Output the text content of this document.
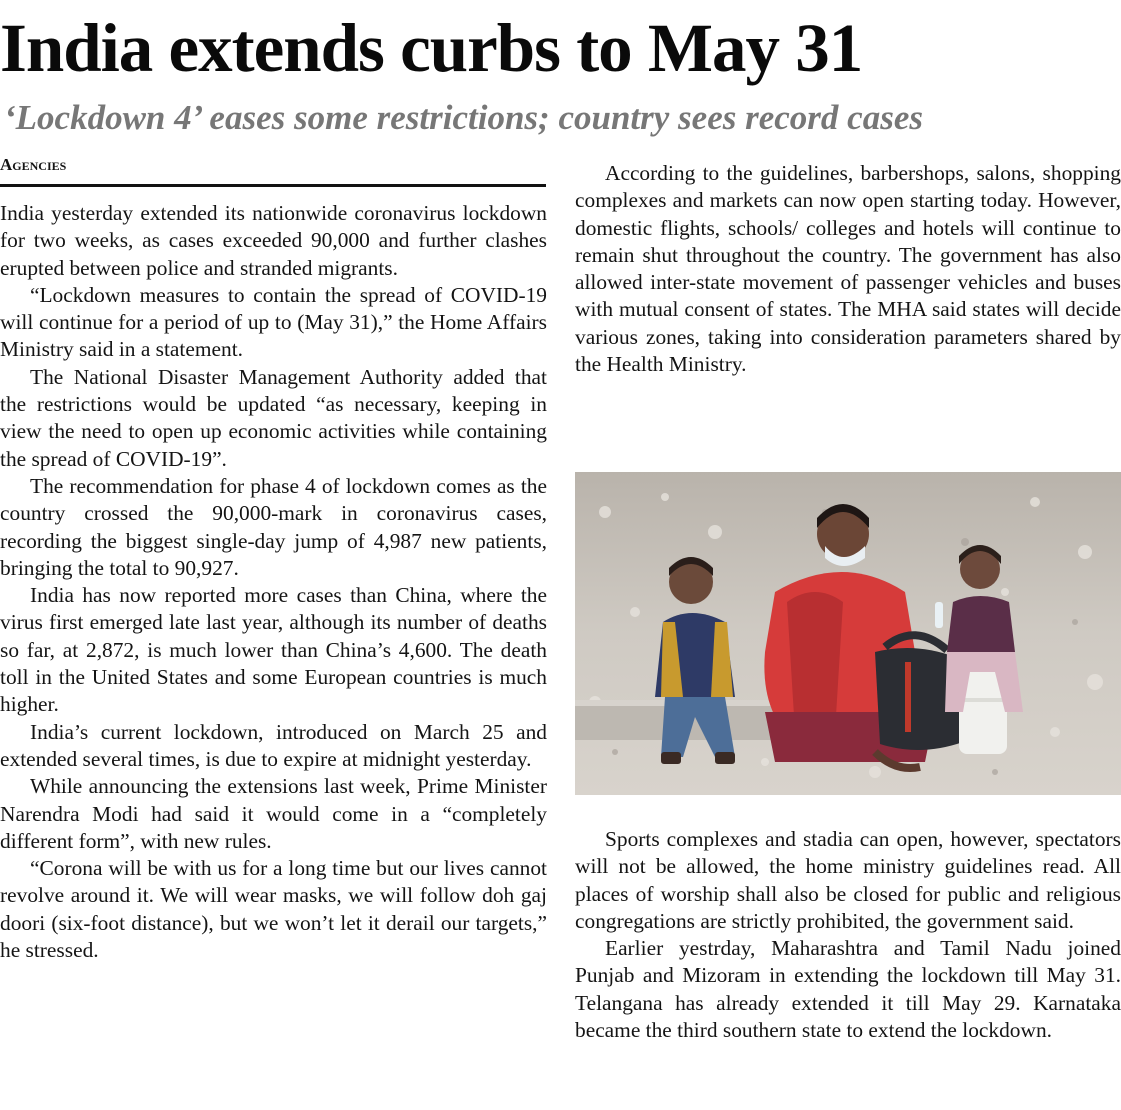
India extends curbs to May 31
‘Lockdown 4’ eases some restrictions; country sees record cases
Agencies

India yesterday extended its nationwide coronavirus lockdown for two weeks, as cases exceeded 90,000 and further clashes erupted between police and stranded migrants.

“Lockdown measures to contain the spread of COVID-19 will continue for a period of up to (May 31),” the Home Affairs Ministry said in a statement.

The National Disaster Management Authority added that the restrictions would be updated “as necessary, keeping in view the need to open up economic activities while containing the spread of COVID-19”.

The recommendation for phase 4 of lockdown comes as the country crossed the 90,000-mark in coronavirus cases, recording the biggest single-day jump of 4,987 new patients, bringing the total to 90,927.

India has now reported more cases than China, where the virus first emerged late last year, although its number of deaths so far, at 2,872, is much lower than China’s 4,600. The death toll in the United States and some European countries is much higher.

India’s current lockdown, introduced on March 25 and extended several times, is due to expire at midnight yesterday.

While announcing the extensions last week, Prime Minister Narendra Modi had said it would come in a “completely different form”, with new rules.

“Corona will be with us for a long time but our lives cannot revolve around it. We will wear masks, we will follow doh gaj doori (six-foot distance), but we won’t let it derail our targets,” he stressed.

According to the guidelines, barbershops, salons, shopping complexes and markets can now open starting today. However, domestic flights, schools/ colleges and hotels will continue to remain shut throughout the country. The government has also allowed inter-state movement of passenger vehicles and buses with mutual consent of states. The MHA said states will decide various zones, taking into consideration parameters shared by the Health Ministry.

Sports complexes and stadia can open, however, spectators will not be allowed, the home ministry guidelines read. All places of worship shall also be closed for public and religious congregations are strictly prohibited, the government said.

Earlier yestrday, Maharashtra and Tamil Nadu joined Punjab and Mizoram in extending the lockdown till May 31. Telangana has already extended it till May 29. Karnataka became the third southern state to extend the lockdown.
